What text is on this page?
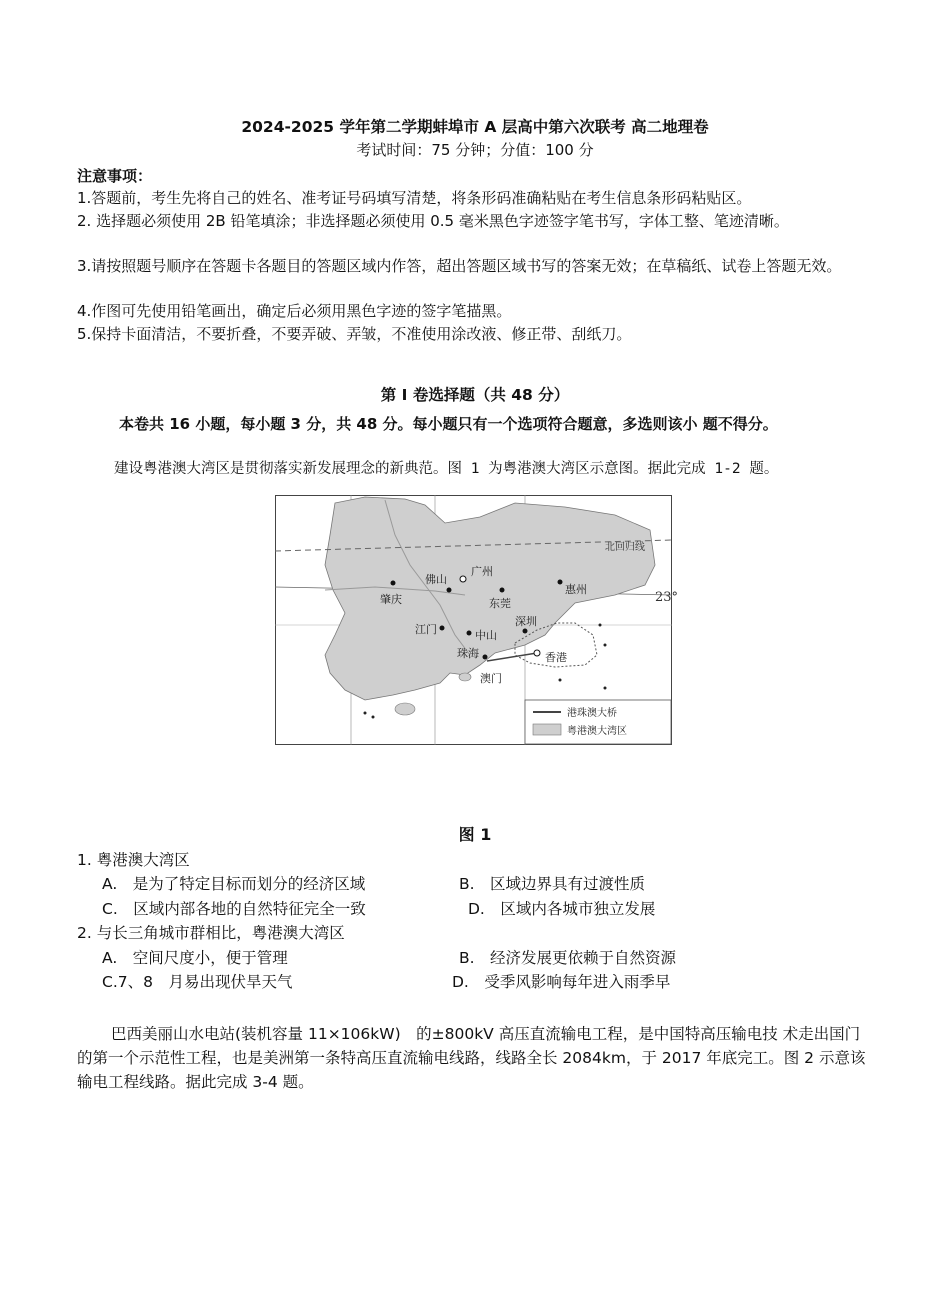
2024-2025 学年第二学期蚌埠市 A 层高中第六次联考 高二地理卷
考试时间：75 分钟；分值：100 分
注意事项：
1.答题前，考生先将自己的姓名、准考证号码填写清楚，将条形码准确粘贴在考生信息条形码粘贴区。
2. 选择题必须使用 2B 铅笔填涂；非选择题必须使用 0.5 毫米黑色字迹签字笔书写，字体工整、笔迹清晰。
3.请按照题号顺序在答题卡各题目的答题区域内作答，超出答题区域书写的答案无效；在草稿纸、试卷上答题无效。
4.作图可先使用铅笔画出，确定后必须用黑色字迹的签字笔描黑。
5.保持卡面清洁，不要折叠，不要弄破、弄皱，不准使用涂改液、修正带、刮纸刀。
第 Ⅰ 卷选择题（共 48 分）
本卷共 16 小题，每小题 3 分，共 48 分。每小题只有一个选项符合题意，多选则该小 题不得分。
建设粤港澳大湾区是贯彻落实新发展理念的新典范。图 1 为粤港澳大湾区示意图。据此完成 1-2 题。
北回归线
23°
肇庆
佛山
广州
东莞
惠州
江门	中山
深圳
珠海	香港
澳门
港珠澳大桥
粤港澳大湾区
图 1
1. 粤港澳大湾区
A.　是为了特定目标而划分的经济区域	B.　区域边界具有过渡性质
C.　区域内部各地的自然特征完全一致	D.　区域内各城市独立发展
2. 与长三角城市群相比，粤港澳大湾区
A.　空间尺度小，便于管理	B.　经济发展更依赖于自然资源
C.7、8　月易出现伏旱天气	D.　受季风影响每年进入雨季早
巴西美丽山水电站(装机容量 11×106kW)　的±800kV 高压直流输电工程，是中国特高压输电技 术走出国门的第一个示范性工程，也是美洲第一条特高压直流输电线路，线路全长 2084km，于 2017 年底完工。图 2 示意该输电工程线路。据此完成 3-4 题。
